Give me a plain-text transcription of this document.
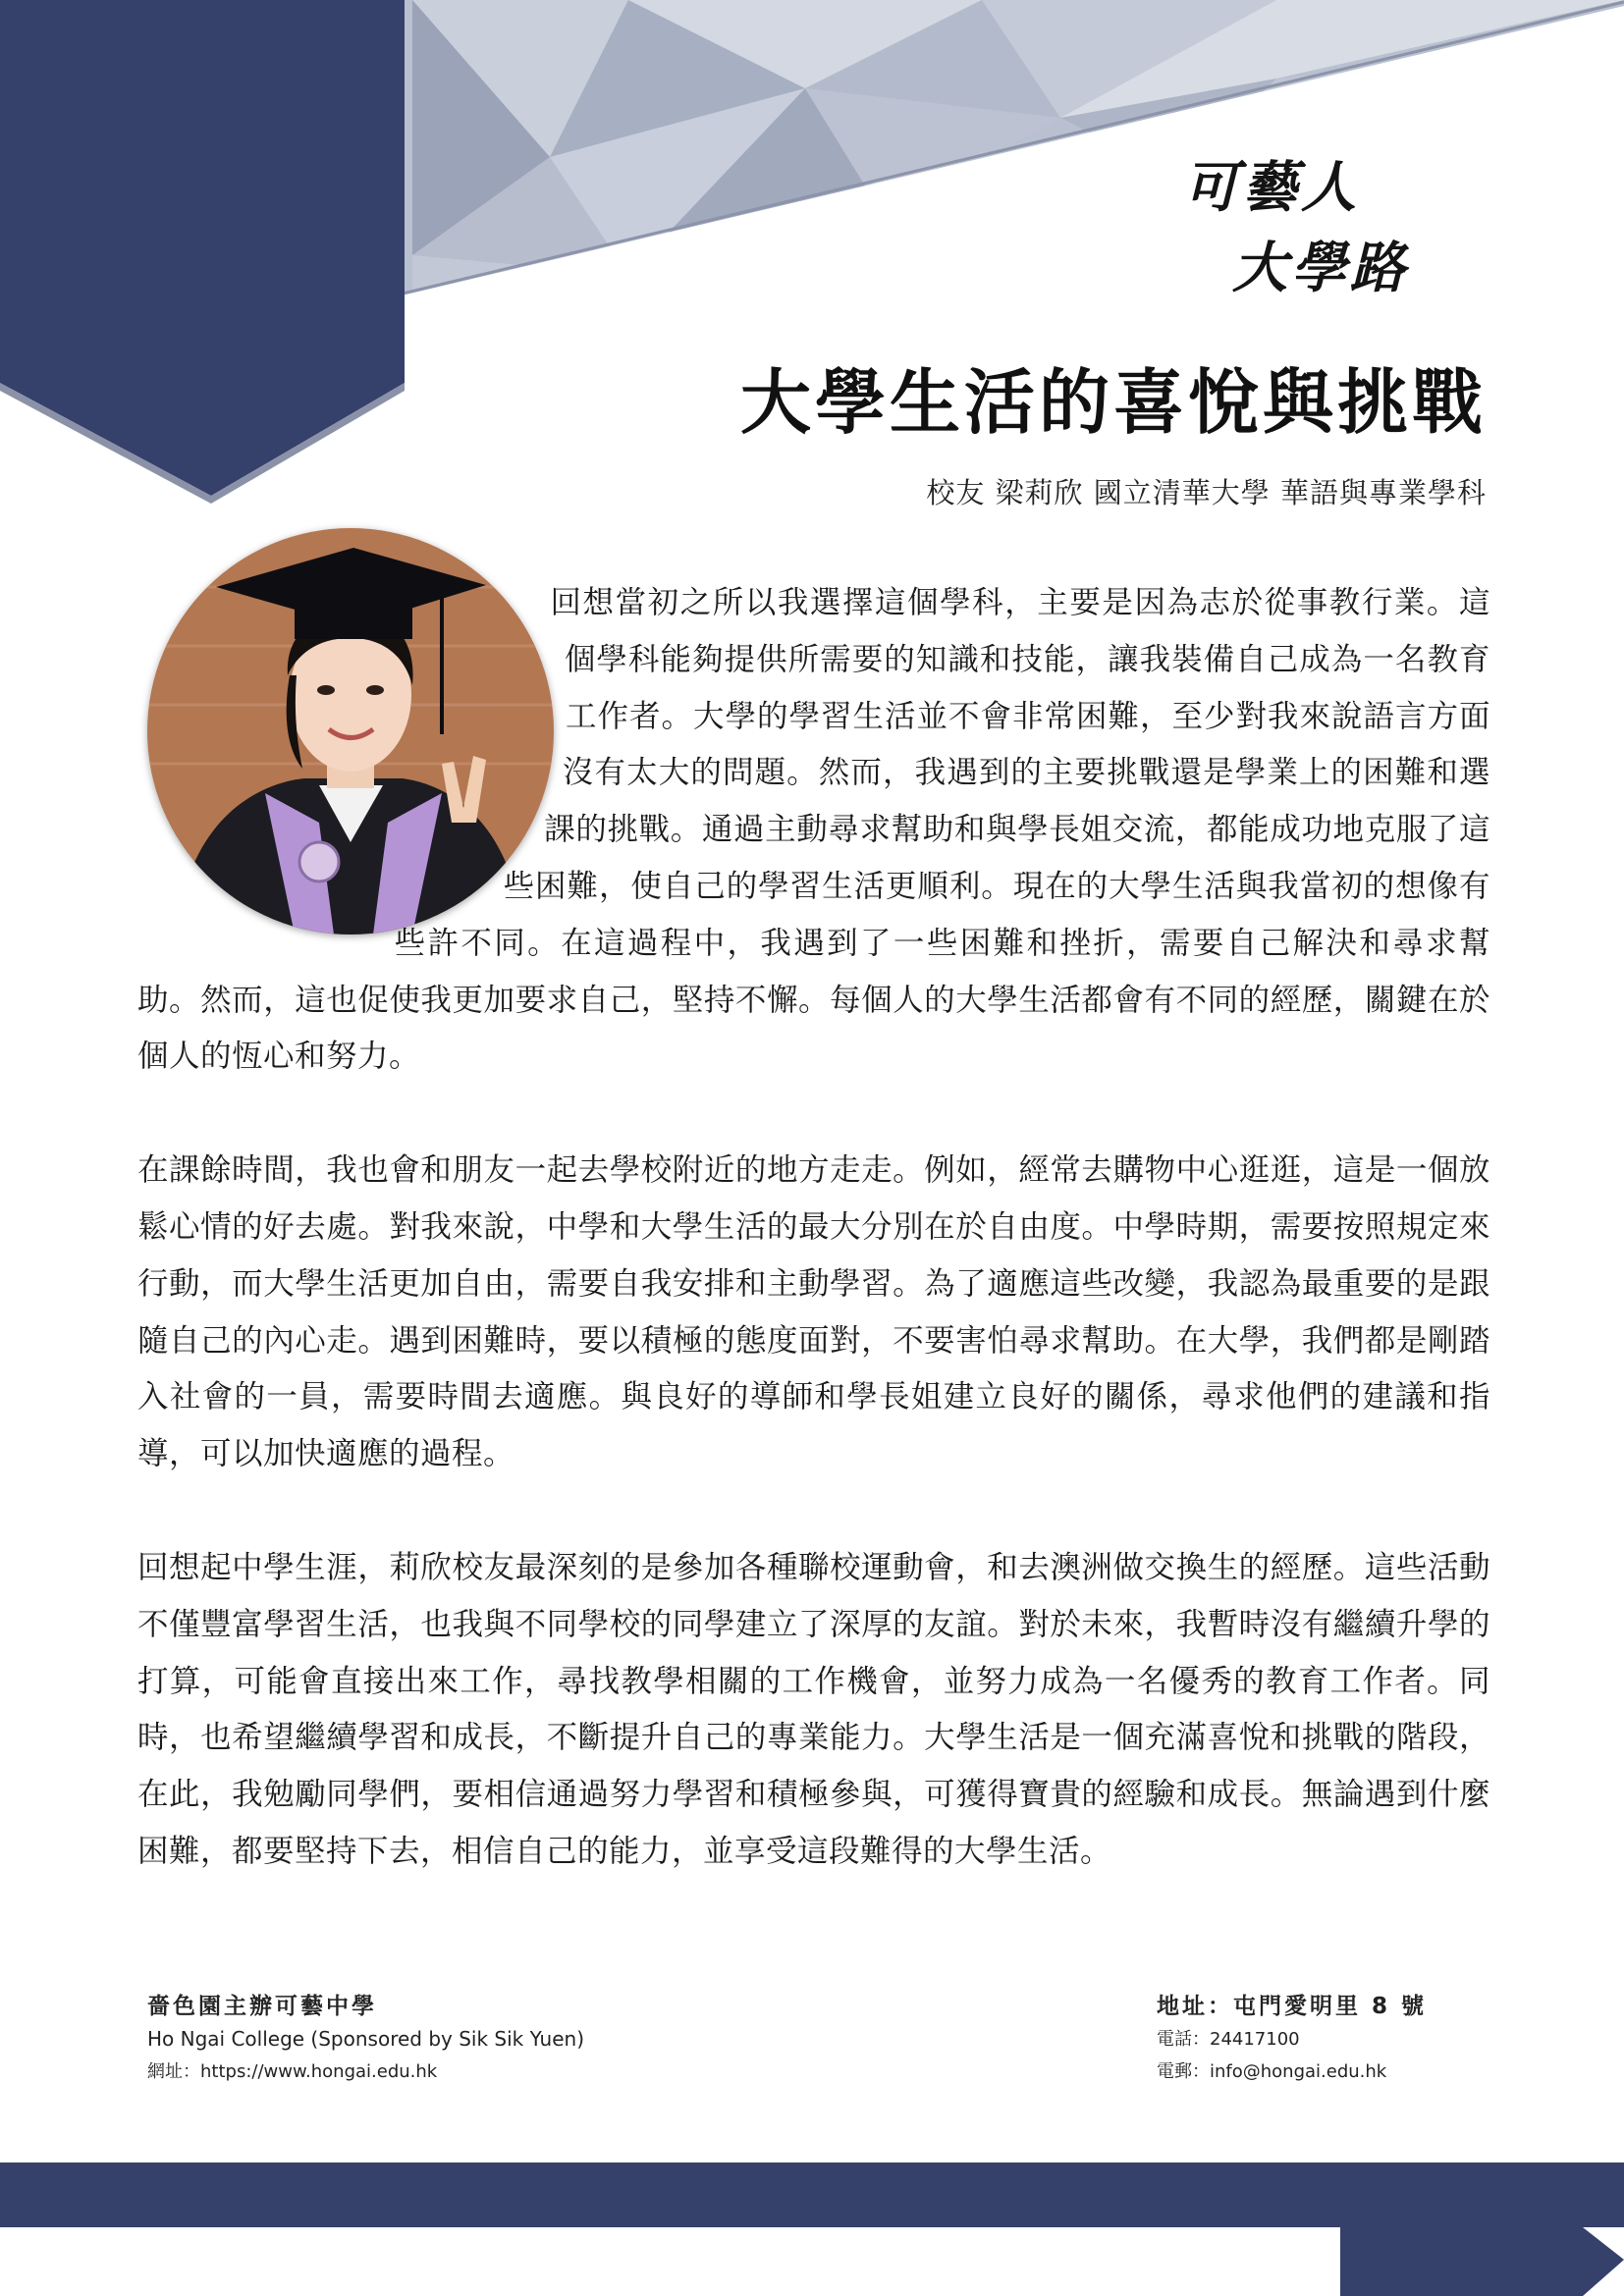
可藝人
大學路
大學生活的喜悅與挑戰
校友 梁莉欣 國立清華大學 華語與專業學科

回想當初之所以我選擇這個學科，主要是因為志於從事教行業。這個學科能夠提供所需要的知識和技能，讓我裝備自己成為一名教育工作者。大學的學習生活並不會非常困難，至少對我來說語言方面沒有太大的問題。然而，我遇到的主要挑戰還是學業上的困難和選課的挑戰。通過主動尋求幫助和與學長姐交流，都能成功地克服了這些困難，使自己的學習生活更順利。現在的大學生活與我當初的想像有些許不同。在這過程中，我遇到了一些困難和挫折，需要自己解決和尋求幫助。然而，這也促使我更加要求自己，堅持不懈。每個人的大學生活都會有不同的經歷，關鍵在於個人的恆心和努力。

在課餘時間，我也會和朋友一起去學校附近的地方走走。例如，經常去購物中心逛逛，這是一個放鬆心情的好去處。對我來說，中學和大學生活的最大分別在於自由度。中學時期，需要按照規定來行動，而大學生活更加自由，需要自我安排和主動學習。為了適應這些改變，我認為最重要的是跟隨自己的內心走。遇到困難時，要以積極的態度面對，不要害怕尋求幫助。在大學，我們都是剛踏入社會的一員，需要時間去適應。與良好的導師和學長姐建立良好的關係，尋求他們的建議和指導，可以加快適應的過程。

回想起中學生涯，莉欣校友最深刻的是參加各種聯校運動會，和去澳洲做交換生的經歷。這些活動不僅豐富學習生活，也我與不同學校的同學建立了深厚的友誼。對於未來，我暫時沒有繼續升學的打算，可能會直接出來工作，尋找教學相關的工作機會，並努力成為一名優秀的教育工作者。同時，也希望繼續學習和成長，不斷提升自己的專業能力。大學生活是一個充滿喜悅和挑戰的階段，在此，我勉勵同學們，要相信通過努力學習和積極參與，可獲得寶貴的經驗和成長。無論遇到什麼困難，都要堅持下去，相信自己的能力，並享受這段難得的大學生活。

嗇色園主辦可藝中學
Ho Ngai College (Sponsored by Sik Sik Yuen)
網址：https://www.hongai.edu.hk
地址：屯門愛明里 8 號
電話：24417100
電郵：info@hongai.edu.hk
